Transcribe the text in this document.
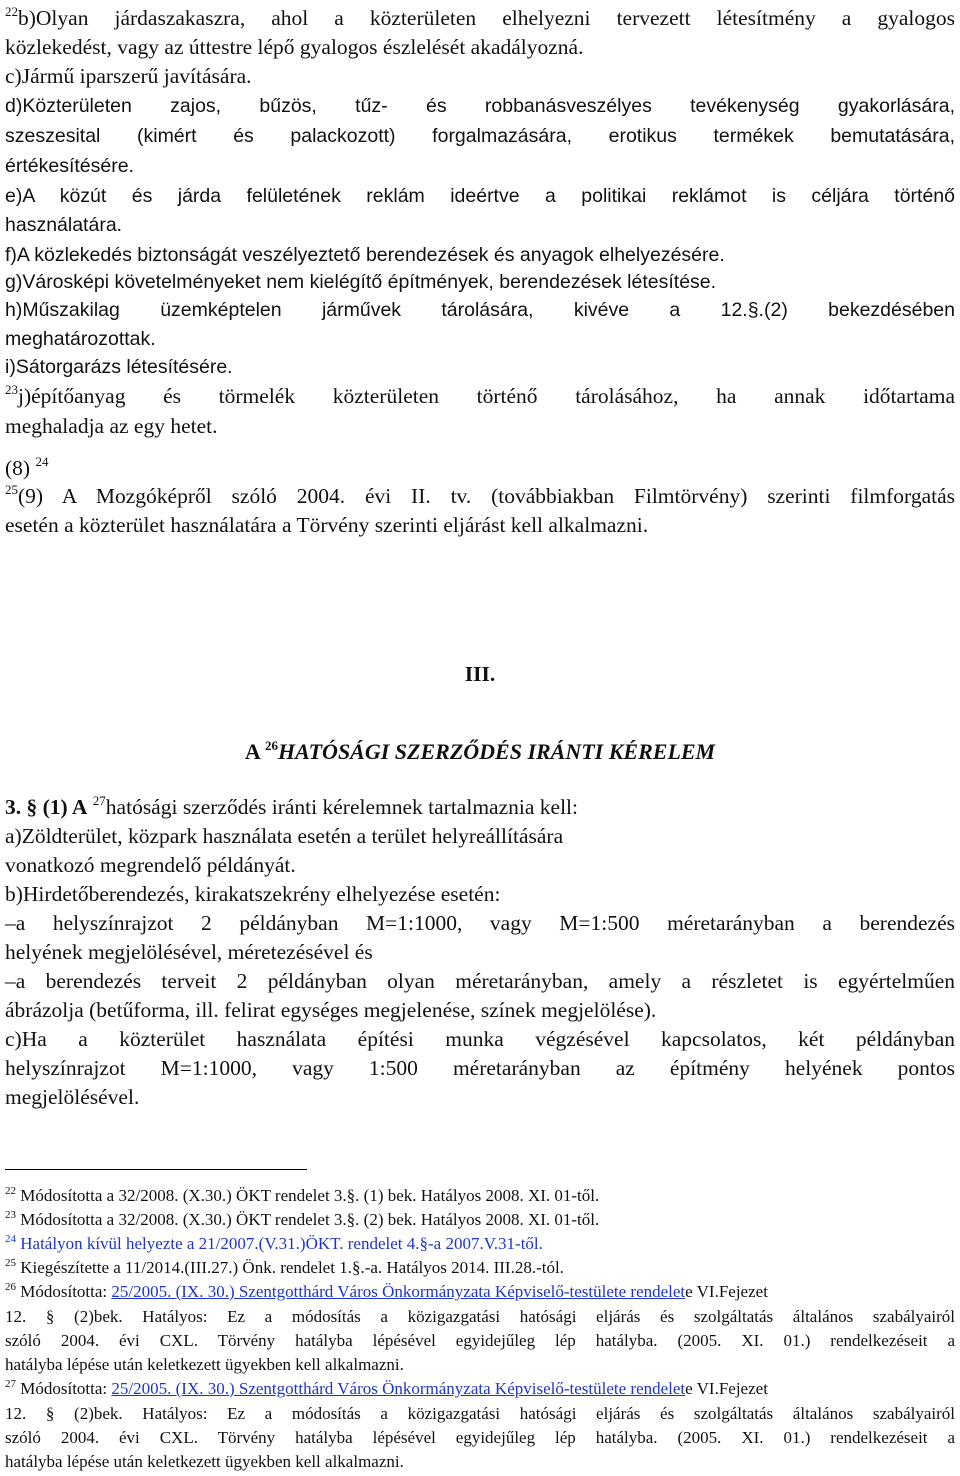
$^{22}$b)Olyan járdaszakaszra, ahol a közterületen elhelyezni tervezett létesítmény a gyalogos
közlekedést, vagy az úttestre lépő gyalogos észlelését akadályozná.
c)Jármű iparszerű javítására.
d)Közterületen zajos, bűzös, tűz- és robbanásveszélyes tevékenység gyakorlására,
szeszesital (kimért és palackozott) forgalmazására, erotikus termékek bemutatására,
értékesítésére.
e)A közút és járda felületének reklám ideértve a politikai reklámot is céljára történő
használatára.
f)A közlekedés biztonságát veszélyeztető berendezések és anyagok elhelyezésére.
g)Városképi követelményeket nem kielégítő építmények, berendezések létesítése.
h)Műszakilag üzemképtelen járművek tárolására, kivéve a 12.§.(2) bekezdésében
meghatározottak.
i)Sátorgarázs létesítésére.
$^{23}$j)építőanyag és törmelék közterületen történő tárolásához, ha annak időtartama
meghaladja az egy hetet.
(8) $^{24}$
$^{25}$(9) A Mozgóképről szóló 2004. évi II. tv. (továbbiakban Filmtörvény) szerinti filmforgatás
esetén a közterület használatára a Törvény szerinti eljárást kell alkalmazni.
III.
A $^{26}$HATÓSÁGI SZERZŐDÉS IRÁNTI KÉRELEM
3. § (1) A $^{27}$hatósági szerződés iránti kérelemnek tartalmaznia kell:
a)Zöldterület, közpark használata esetén a terület helyreállítására
vonatkozó megrendelő példányát.
b)Hirdetőberendezés, kirakatszekrény elhelyezése esetén:
–a helyszínrajzot 2 példányban M=1:1000, vagy M=1:500 méretarányban a berendezés
helyének megjelölésével, méretezésével és
–a berendezés terveit 2 példányban olyan méretarányban, amely a részletet is egyértelműen
ábrázolja (betűforma, ill. felirat egységes megjelenése, színek megjelölése).
c)Ha a közterület használata építési munka végzésével kapcsolatos, két példányban
helyszínrajzot M=1:1000, vagy 1:500 méretarányban az építmény helyének pontos
megjelölésével.
$^{22}$ Módosította a 32/2008. (X.30.) ÖKT rendelet 3.§. (1) bek. Hatályos 2008. XI. 01-től.
$^{23}$ Módosította a 32/2008. (X.30.) ÖKT rendelet 3.§. (2) bek. Hatályos 2008. XI. 01-től.
$^{24}$ Hatályon kívül helyezte a 21/2007.(V.31.)ÖKT. rendelet 4.§-a 2007.V.31-től.
$^{25}$ Kiegészítette a 11/2014.(III.27.) Önk. rendelet 1.§.-a. Hatályos 2014. III.28.-tól.
$^{26}$ Módosította: 25/2005. (IX. 30.) Szentgotthárd Város Önkormányzata Képviselő-testülete rendelete VI.Fejezet
12. § (2)bek. Hatályos: Ez a módosítás a közigazgatási hatósági eljárás és szolgáltatás általános szabályairól
szóló 2004. évi CXL. Törvény hatályba lépésével egyidejűleg lép hatályba. (2005. XI. 01.) rendelkezéseit a
hatályba lépése után keletkezett ügyekben kell alkalmazni.
$^{27}$ Módosította: 25/2005. (IX. 30.) Szentgotthárd Város Önkormányzata Képviselő-testülete rendelete VI.Fejezet
12. § (2)bek. Hatályos: Ez a módosítás a közigazgatási hatósági eljárás és szolgáltatás általános szabályairól
szóló 2004. évi CXL. Törvény hatályba lépésével egyidejűleg lép hatályba. (2005. XI. 01.) rendelkezéseit a
hatályba lépése után keletkezett ügyekben kell alkalmazni.
